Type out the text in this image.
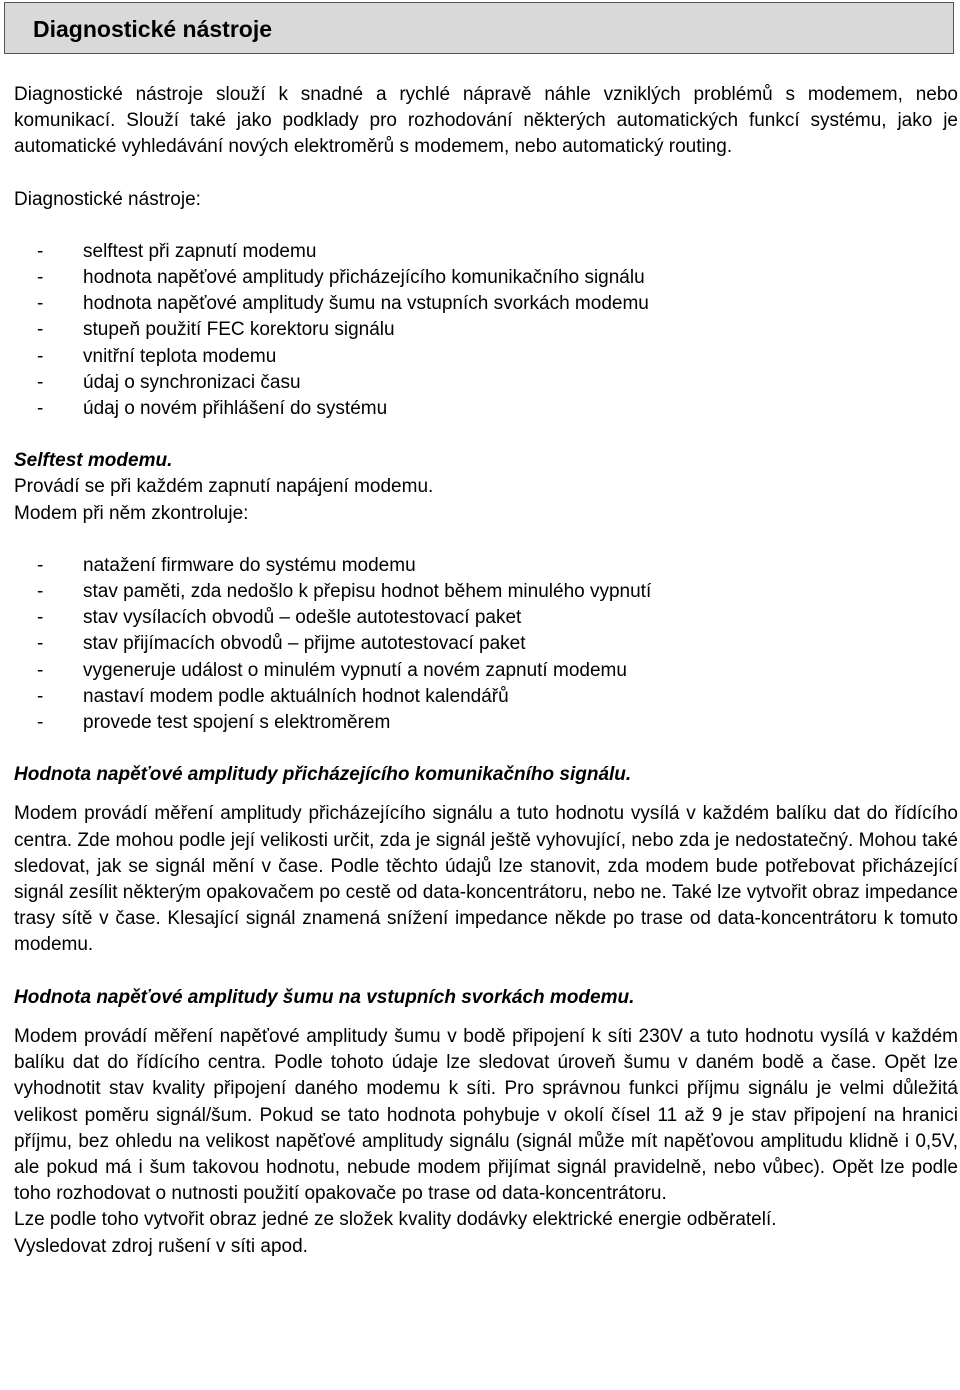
Diagnostické nástroje

Diagnostické nástroje slouží k snadné a rychlé nápravě náhle vzniklých problémů s modemem, nebo komunikací. Slouží také jako podklady pro rozhodování některých automatických funkcí systému, jako je automatické vyhledávání nových elektroměrů s modemem, nebo automatický routing.

Diagnostické nástroje:

- selftest při zapnutí modemu
- hodnota napěťové amplitudy přicházejícího komunikačního signálu
- hodnota napěťové amplitudy šumu na vstupních svorkách modemu
- stupeň použití FEC korektoru signálu
- vnitřní teplota modemu
- údaj o synchronizaci času
- údaj o novém přihlášení do systému

Selftest modemu.

Provádí se při každém zapnutí napájení modemu.

Modem při něm zkontroluje:

- natažení firmware do systému modemu
- stav paměti, zda nedošlo k přepisu hodnot během minulého vypnutí
- stav vysílacích obvodů – odešle autotestovací paket
- stav přijímacích obvodů – přijme autotestovací paket
- vygeneruje událost o minulém vypnutí a novém zapnutí modemu
- nastaví modem podle aktuálních hodnot kalendářů
- provede test spojení s elektroměrem

Hodnota napěťové amplitudy přicházejícího komunikačního signálu.

Modem provádí měření amplitudy přicházejícího signálu a tuto hodnotu vysílá v každém balíku dat do řídícího centra. Zde mohou podle její velikosti určit, zda je signál ještě vyhovující, nebo zda je nedostatečný. Mohou také sledovat, jak se signál mění v čase. Podle těchto údajů lze stanovit, zda modem bude potřebovat přicházející signál zesílit některým opakovačem po cestě od data-koncentrátoru, nebo ne. Také lze vytvořit obraz impedance trasy sítě v čase. Klesající signál znamená snížení impedance někde po trase od data-koncentrátoru k tomuto modemu.

Hodnota napěťové amplitudy šumu na vstupních svorkách modemu.

Modem provádí měření napěťové amplitudy šumu v bodě připojení k síti 230V a tuto hodnotu vysílá v každém balíku dat do řídícího centra. Podle tohoto údaje lze sledovat úroveň šumu v daném bodě a čase. Opět lze vyhodnotit stav kvality připojení daného modemu k síti. Pro správnou funkci příjmu signálu je velmi důležitá velikost poměru signál/šum. Pokud se tato hodnota pohybuje v okolí čísel 11 až 9 je stav připojení na hranici příjmu, bez ohledu na velikost napěťové amplitudy signálu (signál může mít napěťovou amplitudu klidně i 0,5V, ale pokud má i šum takovou hodnotu, nebude modem přijímat signál pravidelně, nebo vůbec). Opět lze podle toho rozhodovat o nutnosti použití opakovače po trase od data-koncentrátoru.

Lze podle toho vytvořit obraz jedné ze složek kvality dodávky elektrické energie odběratelí.

Vysledovat zdroj rušení v síti apod.
